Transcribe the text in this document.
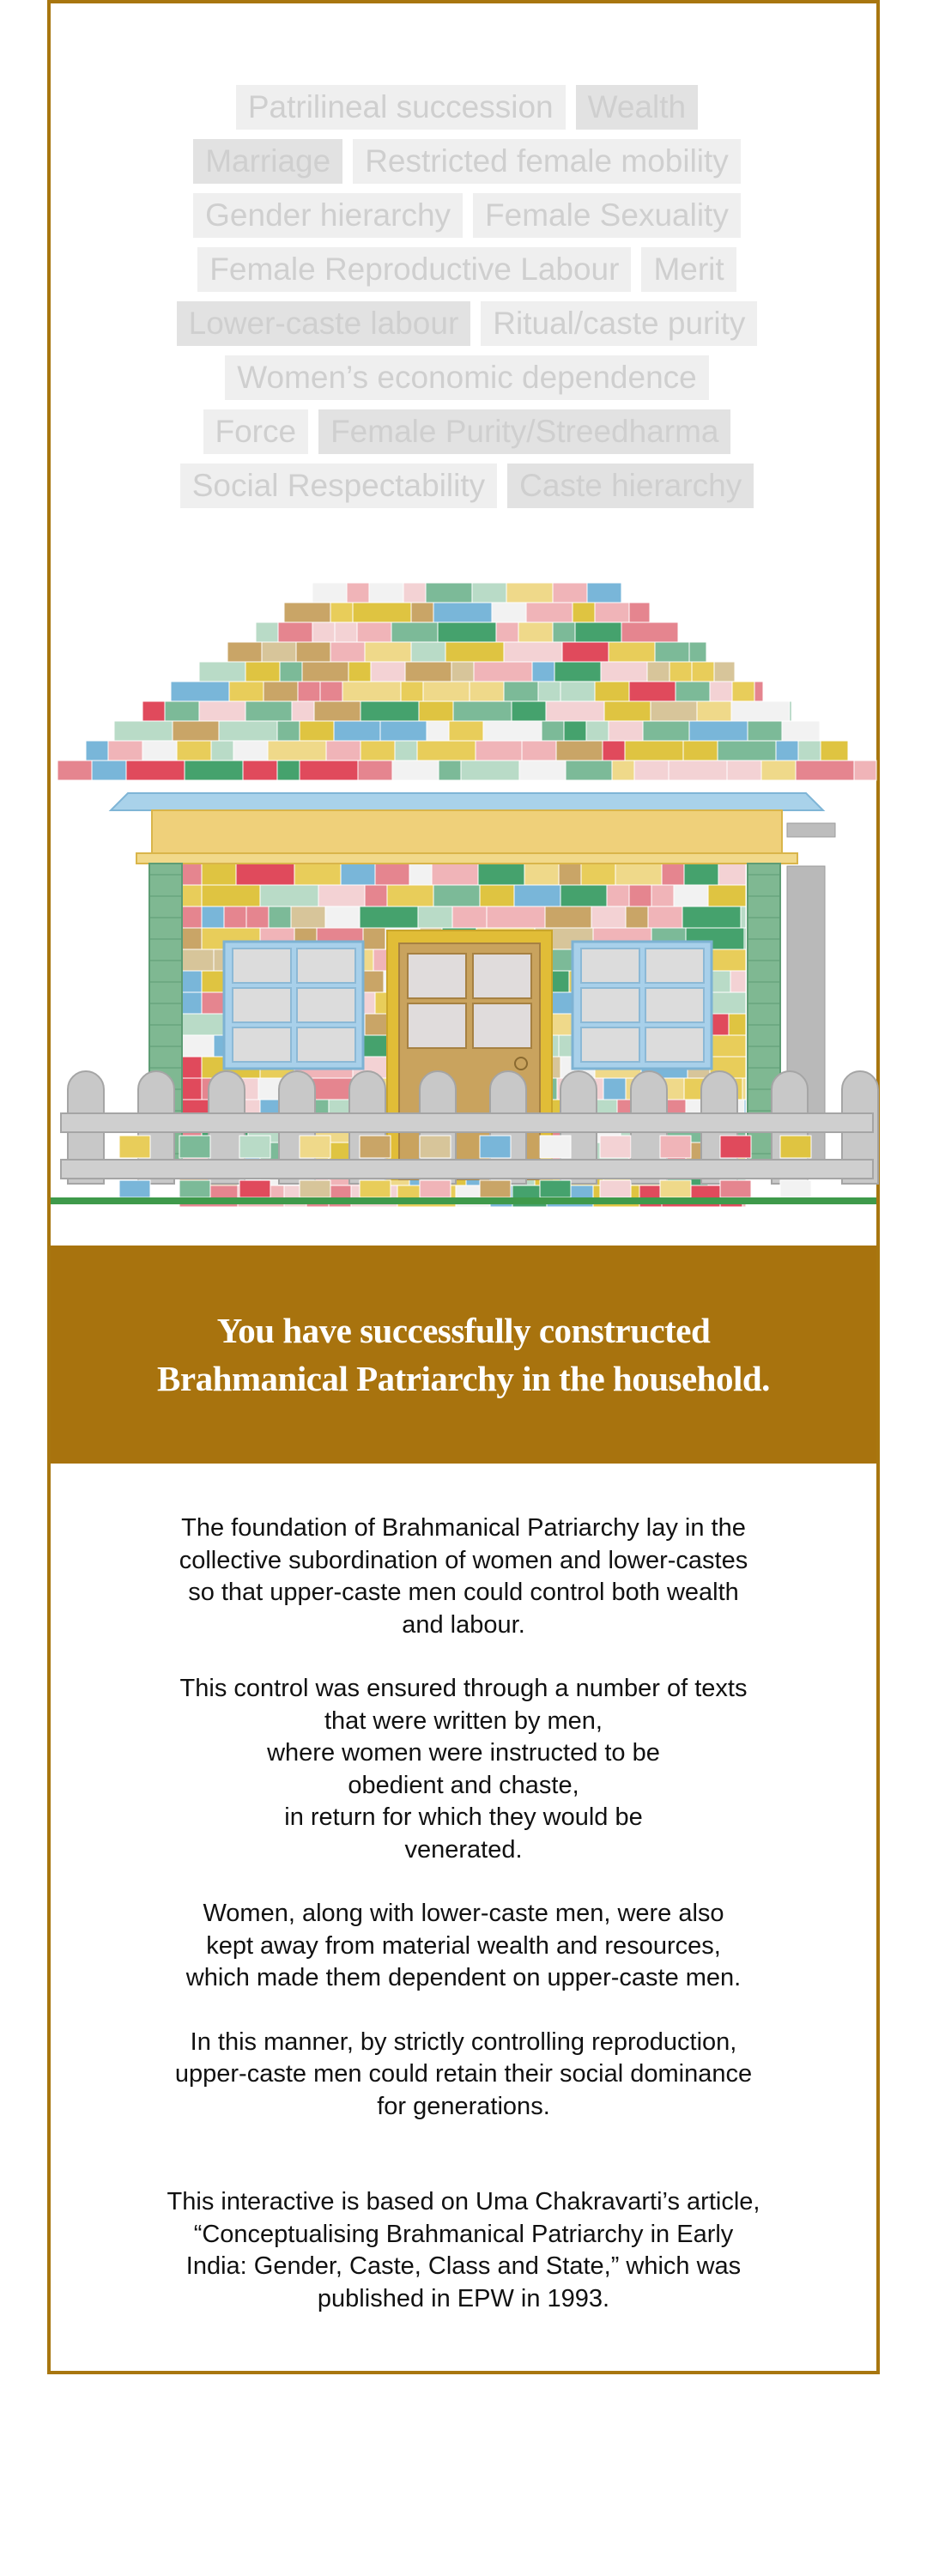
Patrilineal succession	Wealth
Marriage	Restricted female mobility
Gender hierarchy	Female Sexuality
Female Reproductive Labour	Merit
Lower-caste labour	Ritual/caste purity
Women’s economic dependence
Force	Female Purity/Streedharma
Social Respectability	Caste hierarchy
You have successfully constructed
Brahmanical Patriarchy in the household.
The foundation of Brahmanical Patriarchy lay in the
collective subordination of women and lower-castes
so that upper-caste men could control both wealth
and labour.
This control was ensured through a number of texts
that were written by men,
where women were instructed to be
obedient and chaste,
in return for which they would be
venerated.
Women, along with lower-caste men, were also
kept away from material wealth and resources,
which made them dependent on upper-caste men.
In this manner, by strictly controlling reproduction,
upper-caste men could retain their social dominance
for generations.
This interactive is based on Uma Chakravarti’s article,
“Conceptualising Brahmanical Patriarchy in Early
India: Gender, Caste, Class and State,” which was
published in EPW in 1993.
